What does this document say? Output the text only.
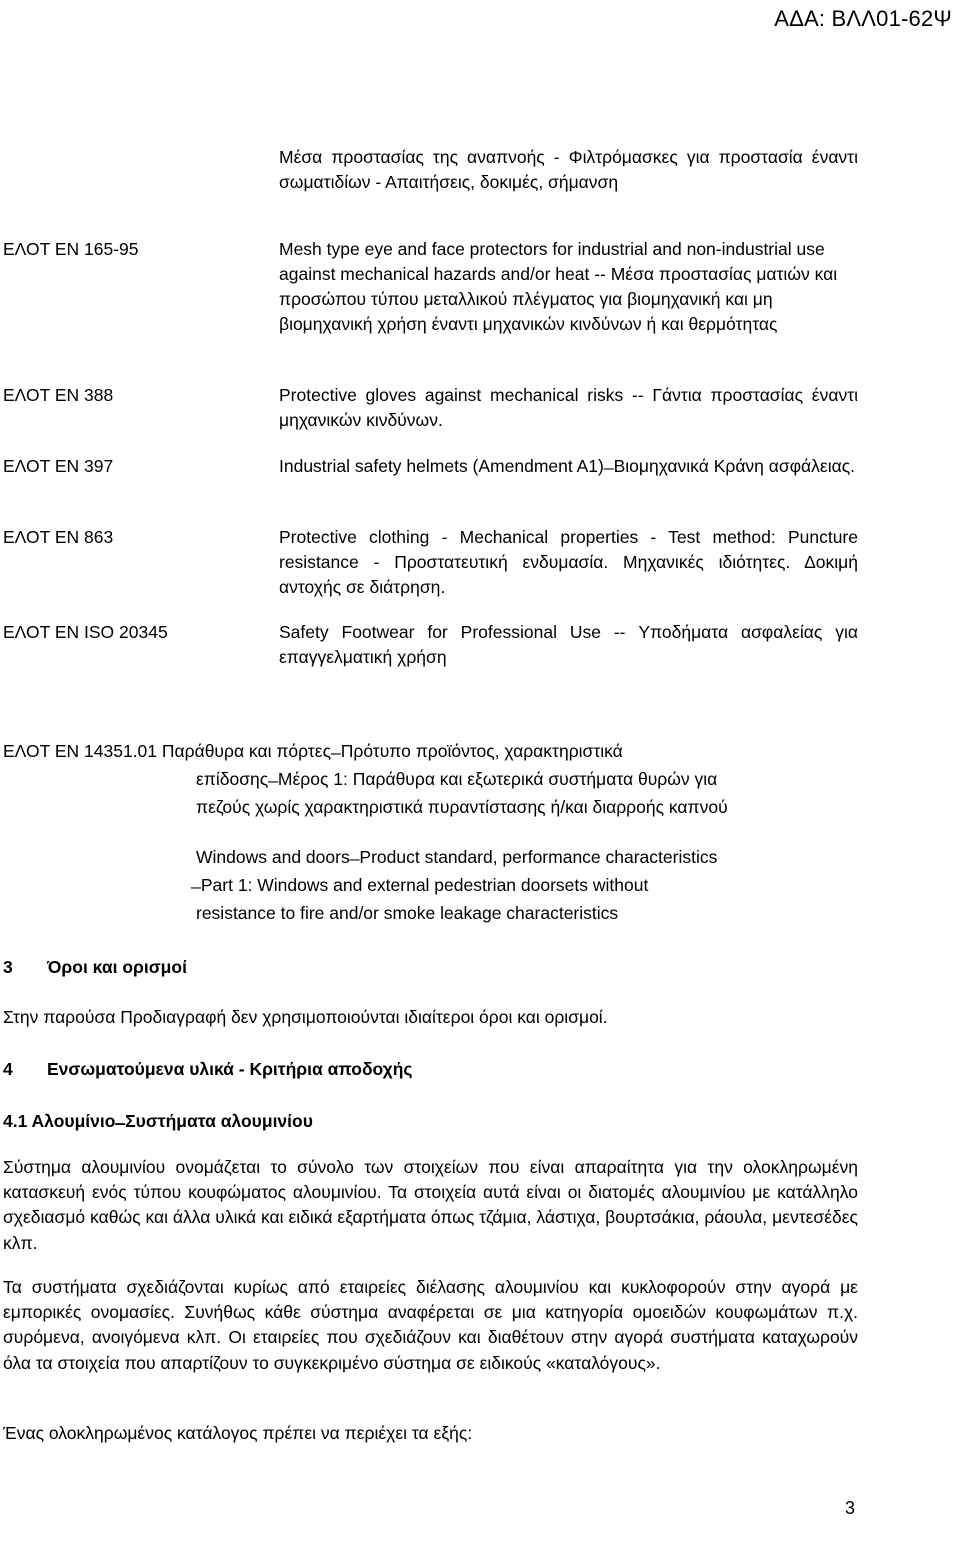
ΑΔΑ: ΒΛΛ01-62Ψ
Μέσα προστασίας της αναπνοής - Φιλτρόμασκες για προστασία έναντι σωματιδίων - Απαιτήσεις, δοκιμές, σήμανση
ΕΛΟΤ ΕΝ 165-95	Mesh type eye and face protectors for industrial and non-industrial use against mechanical hazards and/or heat -- Μέσα προστασίας ματιών και προσώπου τύπου μεταλλικού πλέγματος για βιομηχανική και μη βιομηχανική χρήση έναντι μηχανικών κινδύνων ή και θερμότητας
ΕΛΟΤ ΕΝ 388	Protective gloves against mechanical risks -- Γάντια προστασίας έναντι μηχανικών κινδύνων.
ΕΛΟΤ ΕΝ 397	Industrial safety helmets (Amendment A1) ̶ Βιομηχανικά Κράνη ασφάλειας.
ΕΛΟΤ ΕΝ 863	Protective clothing - Mechanical properties - Test method: Puncture resistance - Προστατευτική ενδυμασία. Μηχανικές ιδιότητες. Δοκιμή αντοχής σε διάτρηση.
ΕΛΟΤ ΕΝ ISO 20345	Safety Footwear for Professional Use -- Υποδήματα ασφαλείας για επαγγελματική χρήση
ΕΛΟΤ ΕΝ 14351.01 Παράθυρα και πόρτες ̶ Πρότυπο προϊόντος, χαρακτηριστικά
επίδοσης ̶ Μέρος 1: Παράθυρα και εξωτερικά συστήματα θυρών για
πεζούς χωρίς χαρακτηριστικά πυραντίστασης ή/και διαρροής καπνού
Windows and doors ̶ Product standard, performance characteristics
̶ Part 1: Windows and external pedestrian doorsets without
resistance to fire and/or smoke leakage characteristics
3 Όροι και ορισμοί
Στην παρούσα Προδιαγραφή δεν χρησιμοποιούνται ιδιαίτεροι όροι και ορισμοί.
4 Ενσωματούμενα υλικά - Κριτήρια αποδοχής
4.1 Αλουμίνιο ̶ Συστήματα αλουμινίου
Σύστημα αλουμινίου ονομάζεται το σύνολο των στοιχείων που είναι απαραίτητα για την ολοκληρωμένη κατασκευή ενός τύπου κουφώματος αλουμινίου. Τα στοιχεία αυτά είναι οι διατομές αλουμινίου με κατάλληλο σχεδιασμό καθώς και άλλα υλικά και ειδικά εξαρτήματα όπως τζάμια, λάστιχα, βουρτσάκια, ράουλα, μεντεσέδες κλπ.
Τα συστήματα σχεδιάζονται κυρίως από εταιρείες διέλασης αλουμινίου και κυκλοφορούν στην αγορά με εμπορικές ονομασίες. Συνήθως κάθε σύστημα αναφέρεται σε μια κατηγορία ομοειδών κουφωμάτων π.χ. συρόμενα, ανοιγόμενα κλπ. Οι εταιρείες που σχεδιάζουν και διαθέτουν στην αγορά συστήματα καταχωρούν όλα τα στοιχεία που απαρτίζουν το συγκεκριμένο σύστημα σε ειδικούς «καταλόγους».
Ένας ολοκληρωμένος κατάλογος πρέπει να περιέχει τα εξής:
3
